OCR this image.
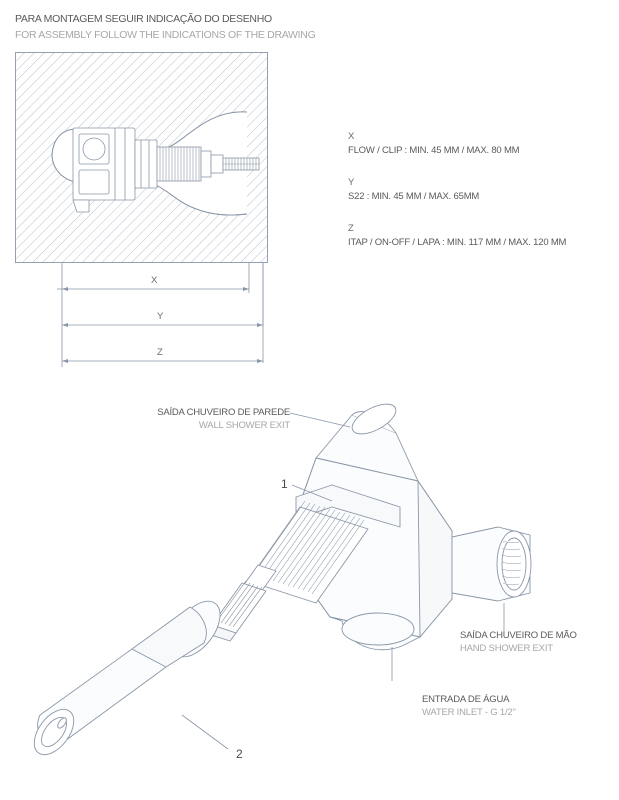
PARA MONTAGEM SEGUIR INDICAÇÃO DO DESENHO
FOR ASSEMBLY FOLLOW THE INDICATIONS OF THE DRAWING
X
Y
Z

X

FLOW / CLIP : MIN. 45 MM / MAX. 80 MM

Y

S22 : MIN. 45 MM / MAX. 65MM

Z

ITAP / ON-OFF / LAPA : MIN. 117 MM / MAX. 120 MM

SAÍDA CHUVEIRO DE PAREDE
WALL SHOWER EXIT
SAÍDA CHUVEIRO DE MÃO
HAND SHOWER EXIT
ENTRADA DE ÁGUA
WATER INLET - G 1/2"
1
2
